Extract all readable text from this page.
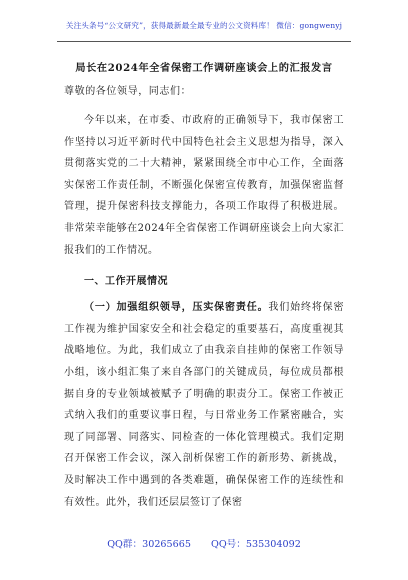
关注头条号“公文研究”，获得最新最全最专业的公文资料库！ 微信：gongwenyj
局长在2024年全省保密工作调研座谈会上的汇报发言

尊敬的各位领导，同志们：

今年以来，在市委、市政府的正确领导下，我市保密工作坚持以习近平新时代中国特色社会主义思想为指导，深入贯彻落实党的二十大精神，紧紧围绕全市中心工作，全面落实保密工作责任制，不断强化保密宣传教育，加强保密监督管理，提升保密科技支撑能力，各项工作取得了积极进展。非常荣幸能够在2024年全省保密工作调研座谈会上向大家汇报我们的工作情况。

一、工作开展情况

（一）加强组织领导，压实保密责任。我们始终将保密工作视为维护国家安全和社会稳定的重要基石，高度重视其战略地位。为此，我们成立了由我亲自挂帅的保密工作领导小组，该小组汇集了来自各部门的关键成员，每位成员都根据自身的专业领域被赋予了明确的职责分工。保密工作被正式纳入我们的重要议事日程，与日常业务工作紧密融合，实现了同部署、同落实、同检查的一体化管理模式。我们定期召开保密工作会议，深入剖析保密工作的新形势、新挑战，及时解决工作中遇到的各类难题，确保保密工作的连续性和有效性。此外，我们还层层签订了保密

QQ群：30265665 QQ号：535304092
